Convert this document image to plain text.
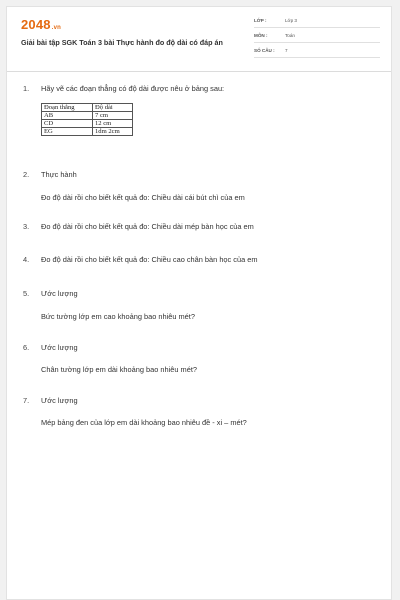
2048.vn
Giải bài tập SGK Toán 3 bài Thực hành đo độ dài có đáp án
LỚP :	Lớp 3
MÔN :	Toán
SỐ CÂU : 7
1. Hãy vẽ các đoạn thẳng có độ dài được nêu ở bảng sau:
Đoạn thẳng	Độ dài
AB	7 cm
CD	12 cm
EG	1dm 2cm
2. Thực hành
Đo độ dài rồi cho biết kết quả đo: Chiều dài cái bút chì của em
3. Đo độ dài rồi cho biết kết quả đo: Chiều dài mép bàn học của em
4. Đo độ dài rồi cho biết kết quả đo: Chiều cao chân bàn học của em
5. Ước lượng
Bức tường lớp em cao khoảng bao nhiêu mét?
6. Ước lượng
Chân tường lớp em dài khoảng bao nhiêu mét?
7. Ước lượng
Mép bảng đen của lớp em dài khoảng bao nhiêu đề - xi – mét?
